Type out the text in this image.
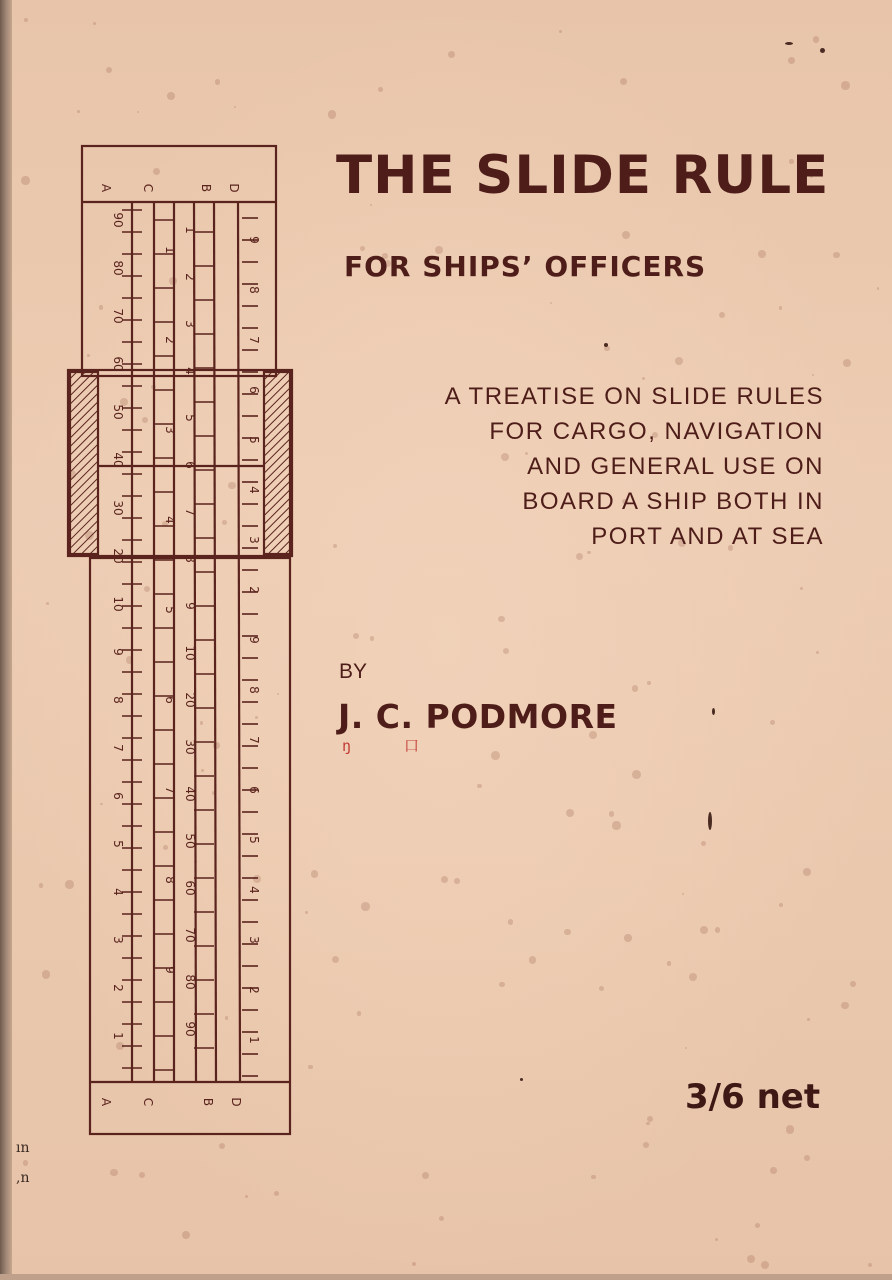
A
A
C
C
B
B
D
D
90
80
70
60
50
40
30
20
10
9
8
7
6
5
4
3
2
1
1
2
3
4
5
6
7
8
9
1
2
3
4
5
6
7
8
9
10
20
30
40
50
60
70
80
90
9
8
7
6
5
4
3
2
9
8
7
6
5
4
3
2
1
THE SLIDE RULE
FOR SHIPS’ OFFICERS

A TREATISE ON SLIDE RULES
FOR CARGO, NAVIGATION
AND GENERAL USE ON
BOARD A SHIP BOTH IN
PORT AND AT SEA

BY
J. C. PODMORE
ŋ 口
3/6 net
ın
,n
